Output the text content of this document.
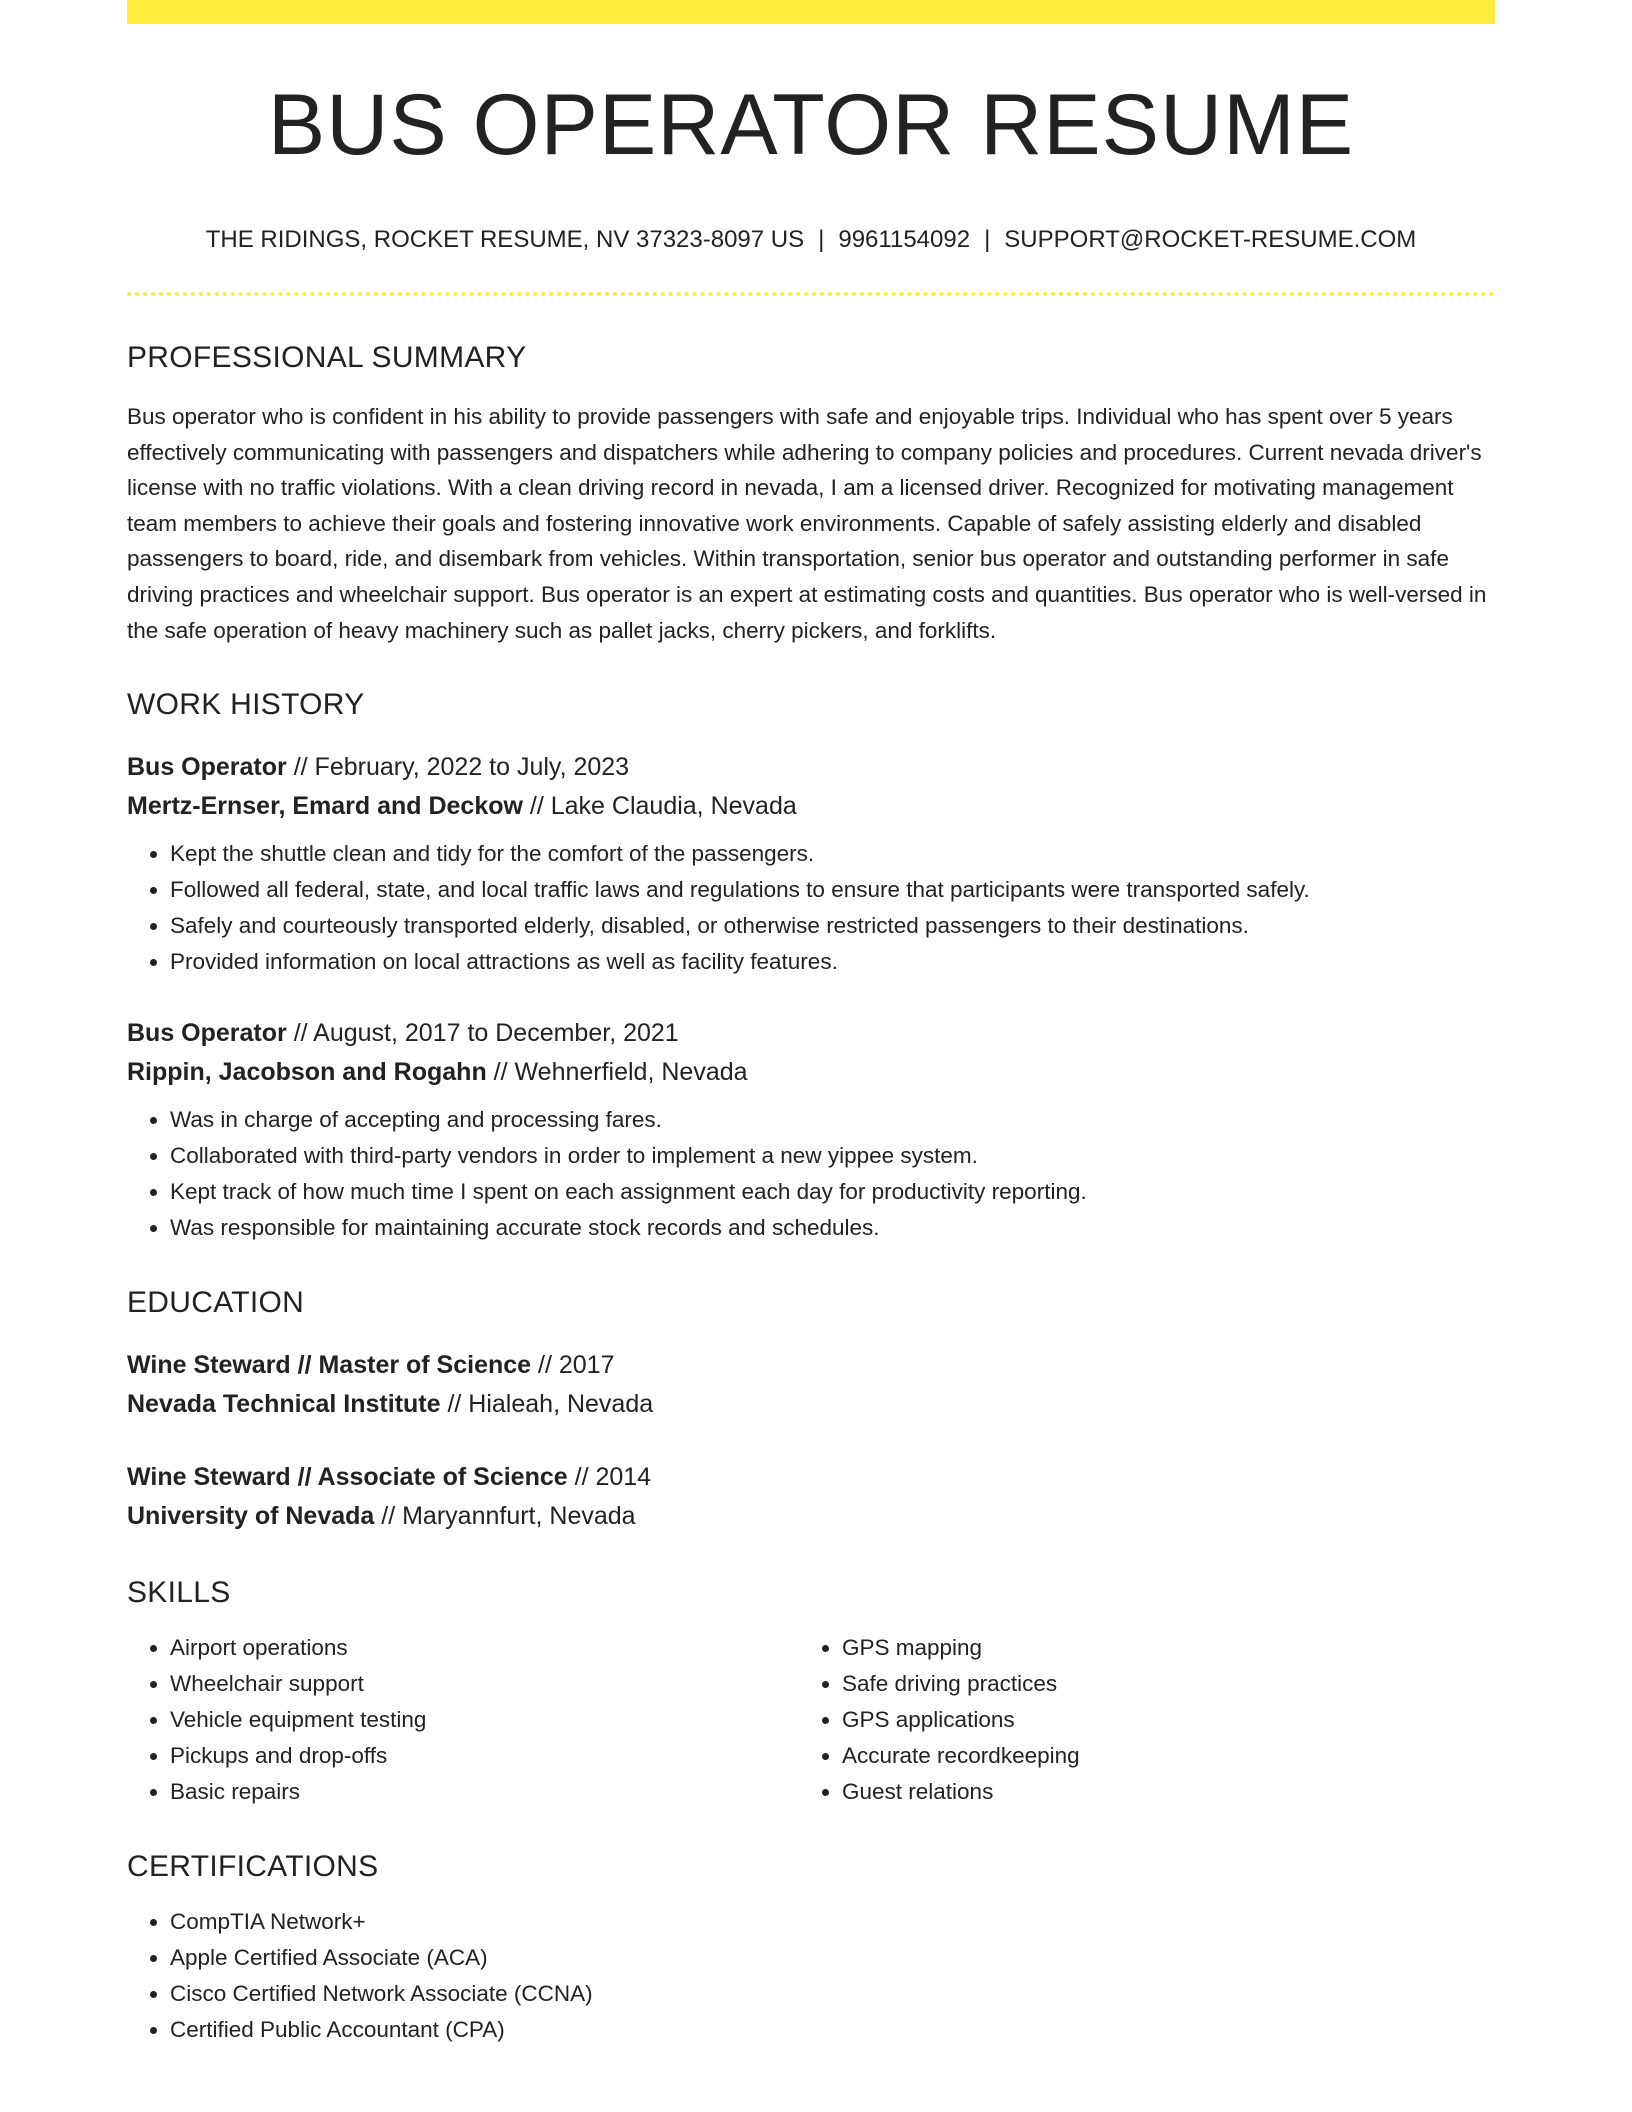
BUS OPERATOR RESUME
THE RIDINGS, ROCKET RESUME, NV 37323-8097 US | 9961154092 | SUPPORT@ROCKET-RESUME.COM
PROFESSIONAL SUMMARY

Bus operator who is confident in his ability to provide passengers with safe and enjoyable trips. Individual who has spent over 5 years effectively communicating with passengers and dispatchers while adhering to company policies and procedures. Current nevada driver's license with no traffic violations. With a clean driving record in nevada, I am a licensed driver. Recognized for motivating management team members to achieve their goals and fostering innovative work environments. Capable of safely assisting elderly and disabled passengers to board, ride, and disembark from vehicles. Within transportation, senior bus operator and outstanding performer in safe driving practices and wheelchair support. Bus operator is an expert at estimating costs and quantities. Bus operator who is well-versed in the safe operation of heavy machinery such as pallet jacks, cherry pickers, and forklifts.

WORK HISTORY
Bus Operator // February, 2022 to July, 2023
Mertz-Ernser, Emard and Deckow // Lake Claudia, Nevada
• Kept the shuttle clean and tidy for the comfort of the passengers.
• Followed all federal, state, and local traffic laws and regulations to ensure that participants were transported safely.
• Safely and courteously transported elderly, disabled, or otherwise restricted passengers to their destinations.
• Provided information on local attractions as well as facility features.
Bus Operator // August, 2017 to December, 2021
Rippin, Jacobson and Rogahn // Wehnerfield, Nevada
• Was in charge of accepting and processing fares.
• Collaborated with third-party vendors in order to implement a new yippee system.
• Kept track of how much time I spent on each assignment each day for productivity reporting.
• Was responsible for maintaining accurate stock records and schedules.
EDUCATION
Wine Steward // Master of Science // 2017
Nevada Technical Institute // Hialeah, Nevada
Wine Steward // Associate of Science // 2014
University of Nevada // Maryannfurt, Nevada
SKILLS
• Airport operations
• Wheelchair support
• Vehicle equipment testing
• Pickups and drop-offs
• Basic repairs
• GPS mapping
• Safe driving practices
• GPS applications
• Accurate recordkeeping
• Guest relations
CERTIFICATIONS
• CompTIA Network+
• Apple Certified Associate (ACA)
• Cisco Certified Network Associate (CCNA)
• Certified Public Accountant (CPA)
